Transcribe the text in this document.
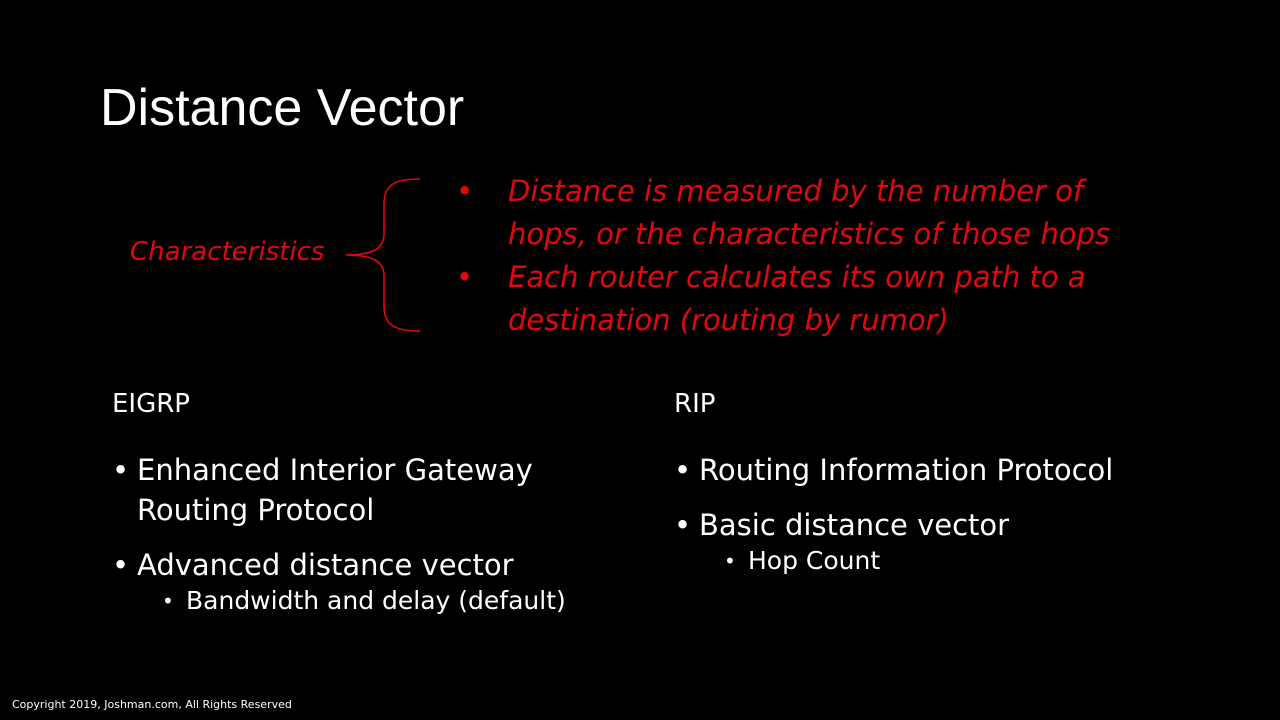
Distance Vector
Characteristics
• Distance is measured by the number of
hops, or the characteristics of those hops
• Each router calculates its own path to a
destination (routing by rumor)
EIGRP
• Enhanced Interior Gateway
Routing Protocol
• Advanced distance vector
• Bandwidth and delay (default)
RIP
• Routing Information Protocol
• Basic distance vector
• Hop Count
Copyright 2019, Joshman.com, All Rights Reserved
